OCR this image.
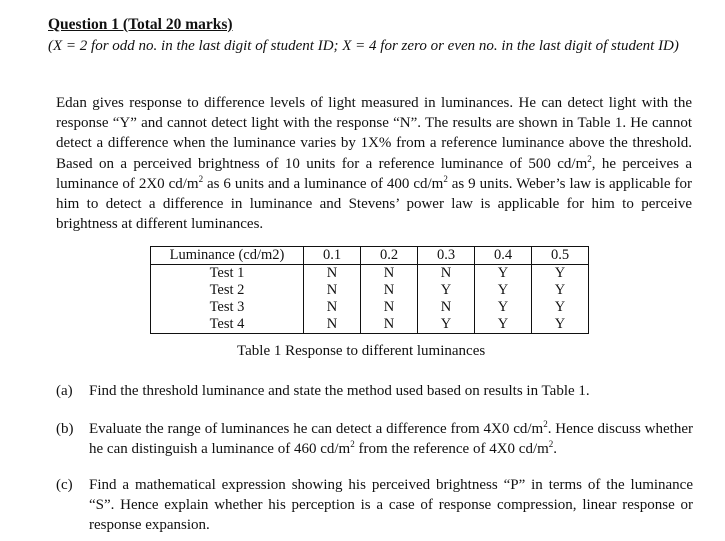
Question 1 (Total 20 marks)
(X = 2 for odd no. in the last digit of student ID; X = 4 for zero or even no. in the last digit of student ID)

Edan gives response to difference levels of light measured in luminances. He can detect light with the response “Y” and cannot detect light with the response “N”. The results are shown in Table 1. He cannot detect a difference when the luminance varies by 1X% from a reference luminance above the threshold. Based on a perceived brightness of 10 units for a reference luminance of 500 $cd/m^2$, he perceives a luminance of 2X0 $cd/m^2$ as 6 units and a luminance of 400 $cd/m^2$ as 9 units. Weber’s law is applicable for him to detect a difference in luminance and Stevens’ power law is applicable for him to perceive brightness at different luminances.

Luminance (cd/m2)	0.1	0.2	0.3	0.4	0.5
Test 1	N	N	N	Y	Y
Test 2	N	N	Y	Y	Y
Test 3	N	N	N	Y	Y
Test 4	N	N	Y	Y	Y
Table 1 Response to different luminances
(a) Find the threshold luminance and state the method used based on results in Table 1.
(b) Evaluate the range of luminances he can detect a difference from 4X0 $cd/m^2$. Hence discuss whether he can distinguish a luminance of 460 $cd/m^2$ from the reference of 4X0 $cd/m^2$.
(c) Find a mathematical expression showing his perceived brightness “P” in terms of the luminance “S”. Hence explain whether his perception is a case of response compression, linear response or response expansion.
